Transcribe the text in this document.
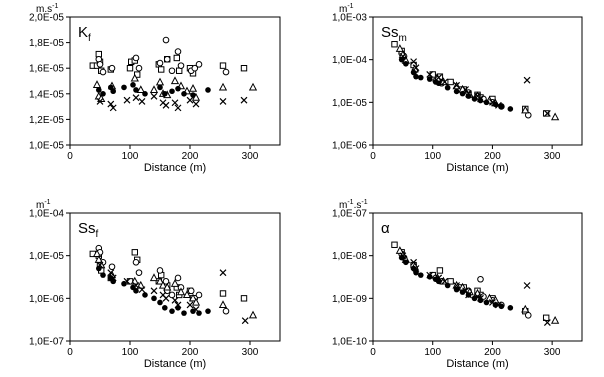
1,0E-05
1,2E-05
1,4E-05
1,6E-05
1,8E-05
2,0E-05
0	100	200	300
Distance (m)
$m.s^{-1}$
$K_f$
1,0E-06
1,0E-05
1,0E-04
1,0E-03
0	100	200	300
Distance (m)
$m^{-1}$
$Ss_m$
1,0E-07
1,0E-06
1,0E-05
1,0E-04
0	100	200	300
Distance (m)
$m^{-1}$
$Ss_f$
1,0E-10
1,0E-09
1,0E-08
1,0E-07
0	100	200	300
Distance (m)
$m^{-1}.s^{-1}$
α
